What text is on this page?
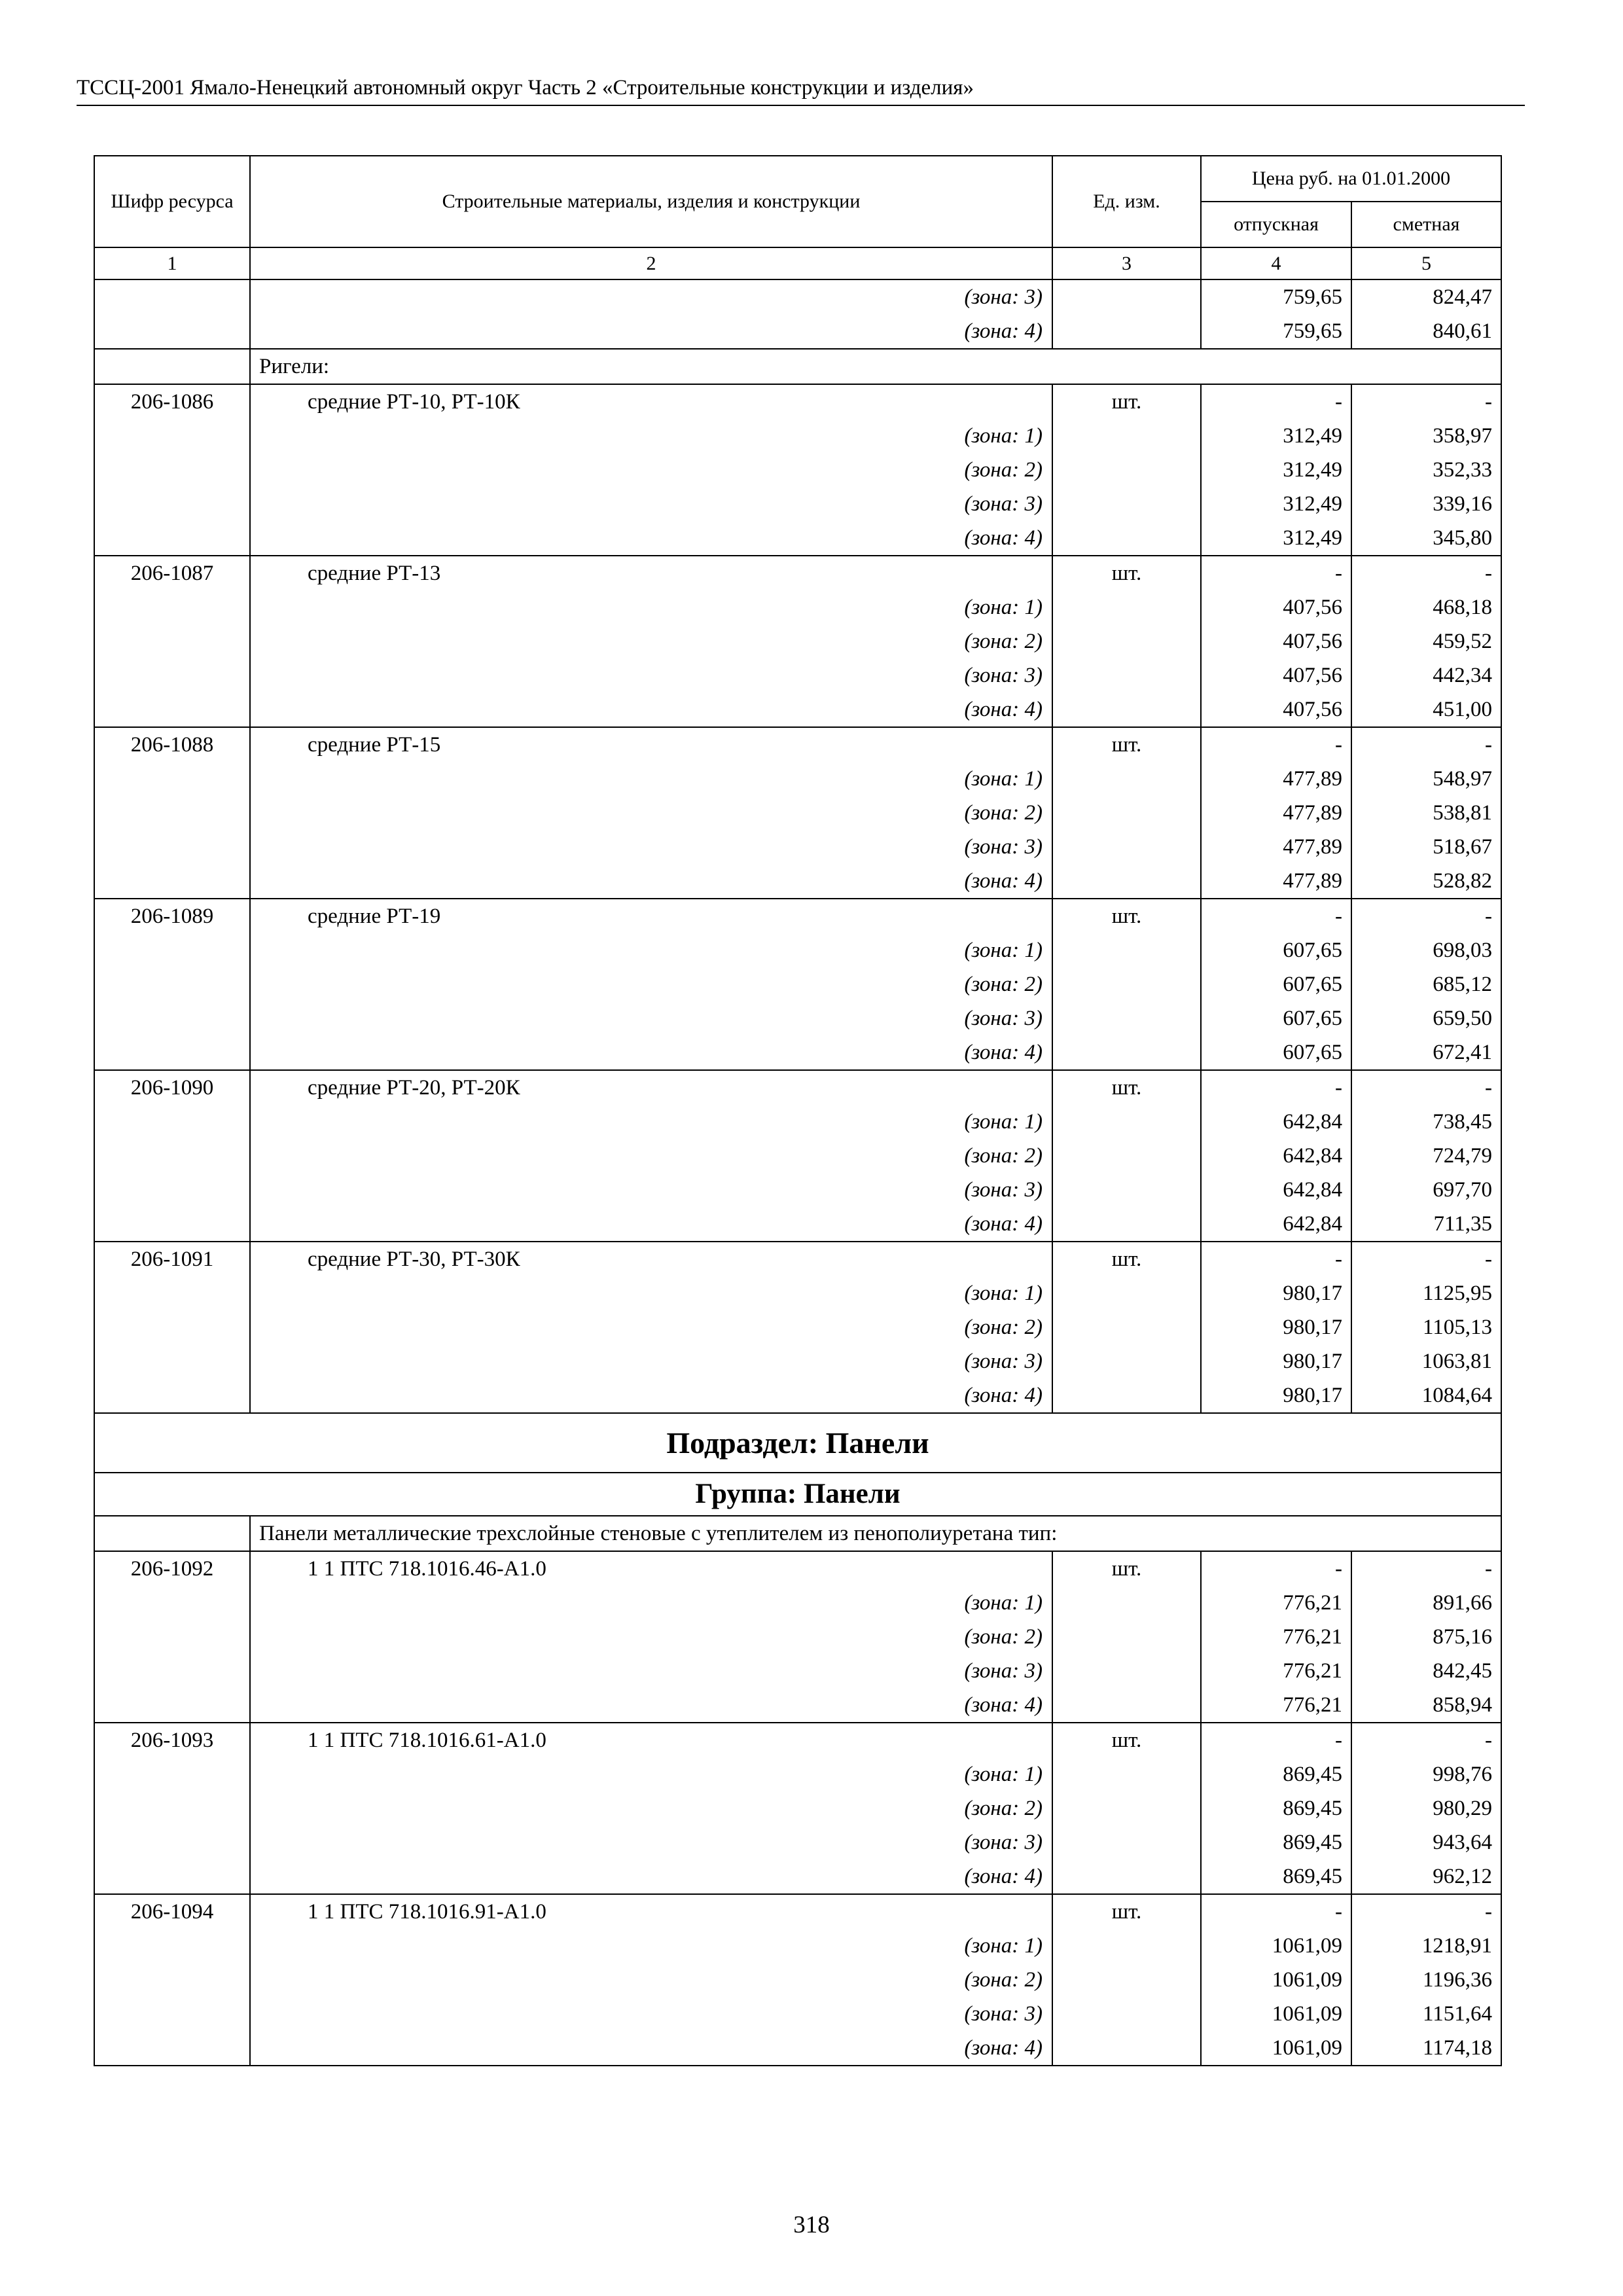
ТССЦ-2001 Ямало-Ненецкий автономный округ Часть 2 «Строительные конструкции и изделия»
Шифр ресурса	Строительные материалы, изделия и конструкции	Ед. изм.	Цена руб. на 01.01.2000	
			отпускная	сметная
1	2	3	4	5
	(зона: 3)		759,65	824,47
	(зона: 4)		759,65	840,61
	Ригели:			
206-1086	средние РТ-10, РТ-10К	шт.	-	-
	(зона: 1)		312,49	358,97
	(зона: 2)		312,49	352,33
	(зона: 3)		312,49	339,16
	(зона: 4)		312,49	345,80
206-1087	средние РТ-13	шт.	-	-
	(зона: 1)		407,56	468,18
	(зона: 2)		407,56	459,52
	(зона: 3)		407,56	442,34
	(зона: 4)		407,56	451,00
206-1088	средние РТ-15	шт.	-	-
	(зона: 1)		477,89	548,97
	(зона: 2)		477,89	538,81
	(зона: 3)		477,89	518,67
	(зона: 4)		477,89	528,82
206-1089	средние РТ-19	шт.	-	-
	(зона: 1)		607,65	698,03
	(зона: 2)		607,65	685,12
	(зона: 3)		607,65	659,50
	(зона: 4)		607,65	672,41
206-1090	средние РТ-20, РТ-20К	шт.	-	-
	(зона: 1)		642,84	738,45
	(зона: 2)		642,84	724,79
	(зона: 3)		642,84	697,70
	(зона: 4)		642,84	711,35
206-1091	средние РТ-30, РТ-30К	шт.	-	-
	(зона: 1)		980,17	1125,95
	(зона: 2)		980,17	1105,13
	(зона: 3)		980,17	1063,81
	(зона: 4)		980,17	1084,64
Подраздел: Панели				
Группа: Панели				
	Панели металлические трехслойные стеновые с утеплителем из пенополиуретана тип:			
206-1092	1 1 ПТС 718.1016.46-А1.0	шт.	-	-
	(зона: 1)		776,21	891,66
	(зона: 2)		776,21	875,16
	(зона: 3)		776,21	842,45
	(зона: 4)		776,21	858,94
206-1093	1 1 ПТС 718.1016.61-А1.0	шт.	-	-
	(зона: 1)		869,45	998,76
	(зона: 2)		869,45	980,29
	(зона: 3)		869,45	943,64
	(зона: 4)		869,45	962,12
206-1094	1 1 ПТС 718.1016.91-А1.0	шт.	-	-
	(зона: 1)		1061,09	1218,91
	(зона: 2)		1061,09	1196,36
	(зона: 3)		1061,09	1151,64
	(зона: 4)		1061,09	1174,18
318
